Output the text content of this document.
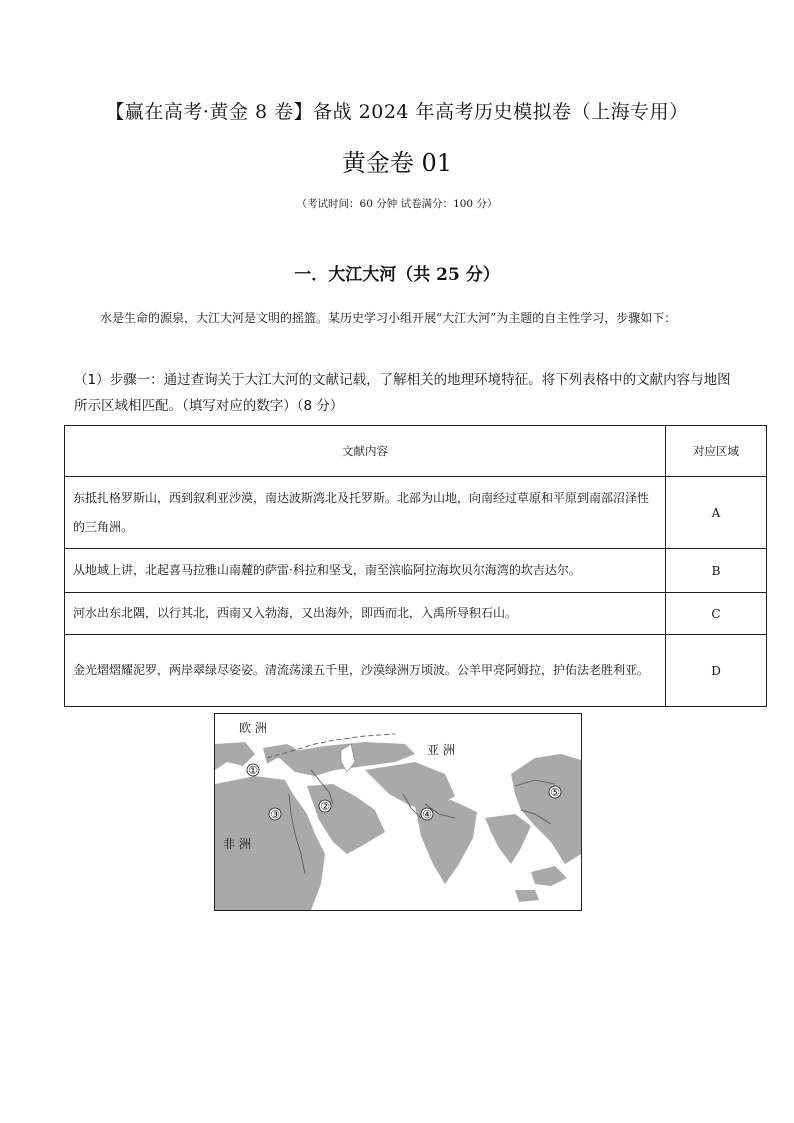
【赢在高考·黄金 8 卷】备战 2024 年高考历史模拟卷（上海专用）
黄金卷 01
（考试时间：60 分钟 试卷满分：100 分）
一．大江大河（共 25 分）
水是生命的源泉，大江大河是文明的摇篮。某历史学习小组开展“大江大河”为主题的自主性学习，步骤如下：
（1）步骤一：通过查询关于大江大河的文献记载，了解相关的地理环境特征。将下列表格中的文献内容与地图所示区域相匹配。（填写对应的数字）（8 分）
文献内容	对应区域
东抵扎格罗斯山，西到叙利亚沙漠，南达波斯湾北及托罗斯。北部为山地，向南经过草原和平原到南部沼泽性的三角洲。	A
从地域上讲，北起喜马拉雅山南麓的萨雷·科拉和坚戈，南至滨临阿拉海坎贝尔海湾的坎吉达尔。	B
河水出东北隅，以行其北，西南又入勃海，又出海外，即西而北，入禹所导积石山。	C
金光熠熠耀泥罗，两岸翠绿尽姿姿。清流荡漾五千里，沙漠绿洲万顷波。公羊甲亮阿姆拉，护佑法老胜利亚。	D
欧 洲
亚 洲
非 洲
①
②
③	④
⑤
